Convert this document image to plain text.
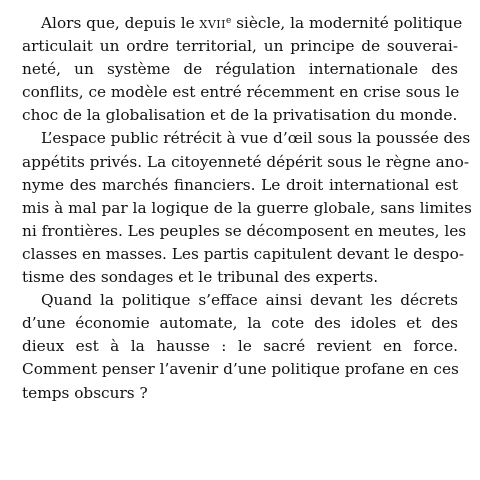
Alors que, depuis le xvii$^e$ siècle, la modernité politique
articulait un ordre territorial, un principe de souverai-
neté, un système de régulation internationale des
conflits, ce modèle est entré récemment en crise sous le
choc de la globalisation et de la privatisation du monde.

L’espace public rétrécit à vue d’œil sous la poussée des
appétits privés. La citoyenneté dépérit sous le règne ano-
nyme des marchés financiers. Le droit international est
mis à mal par la logique de la guerre globale, sans limites
ni frontières. Les peuples se décomposent en meutes, les
classes en masses. Les partis capitulent devant le despo-
tisme des sondages et le tribunal des experts.

Quand la politique s’efface ainsi devant les décrets
d’une économie automate, la cote des idoles et des
dieux est à la hausse : le sacré revient en force.
Comment penser l’avenir d’une politique profane en ces
temps obscurs ?
